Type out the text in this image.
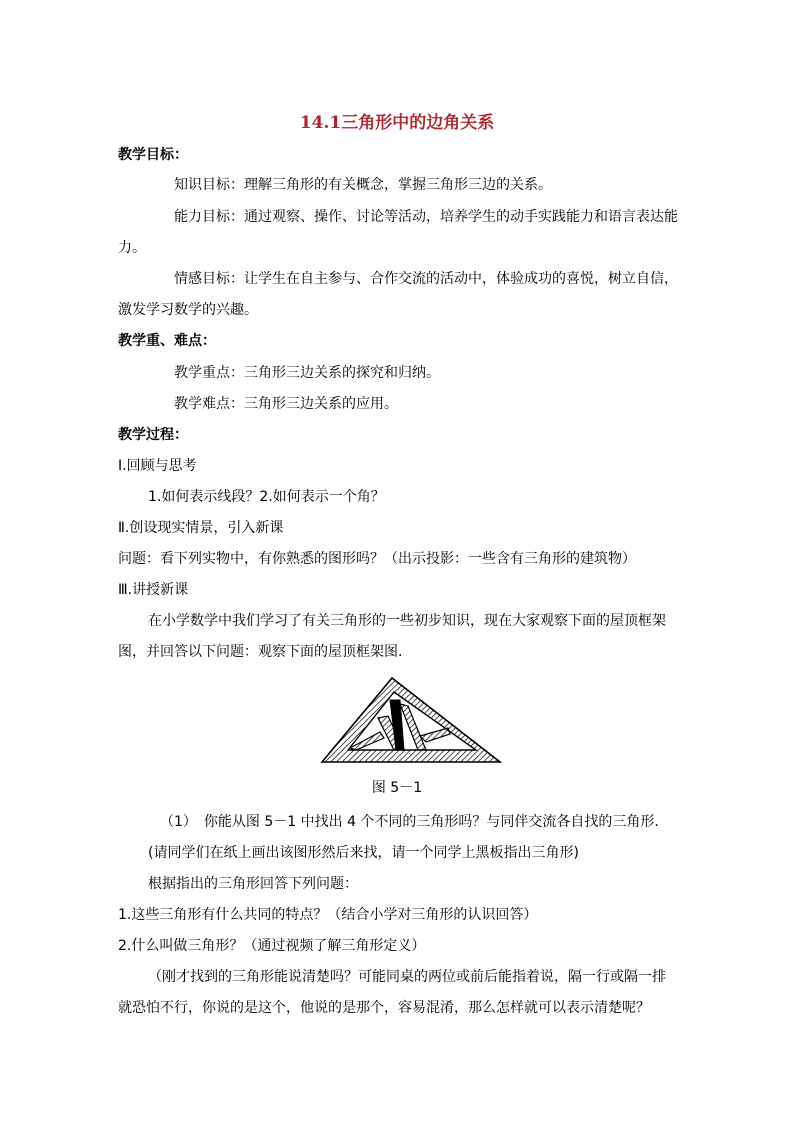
14.1三角形中的边角关系
教学目标：
知识目标：理解三角形的有关概念，掌握三角形三边的关系。
能力目标：通过观察、操作、讨论等活动，培养学生的动手实践能力和语言表达能
力。
情感目标：让学生在自主参与、合作交流的活动中，体验成功的喜悦，树立自信，
激发学习数学的兴趣。
教学重、难点：
教学重点：三角形三边关系的探究和归纳。
教学难点：三角形三边关系的应用。
教学过程：
Ⅰ.回顾与思考
1.如何表示线段？2.如何表示一个角？
Ⅱ.创设现实情景，引入新课
问题：看下列实物中，有你熟悉的图形吗？（出示投影：一些含有三角形的建筑物）
Ⅲ.讲授新课
在小学数学中我们学习了有关三角形的一些初步知识，现在大家观察下面的屋顶框架
图，并回答以下问题：观察下面的屋顶框架图.
图 5－1
（1）　你能从图 5－1 中找出 4 个不同的三角形吗？与同伴交流各自找的三角形.
(请同学们在纸上画出该图形然后来找，请一个同学上黑板指出三角形)
根据指出的三角形回答下列问题：
1.这些三角形有什么共同的特点？（结合小学对三角形的认识回答）
2.什么叫做三角形？（通过视频了解三角形定义）
（刚才找到的三角形能说清楚吗？可能同桌的两位或前后能指着说，隔一行或隔一排
就恐怕不行，你说的是这个，他说的是那个，容易混淆，那么怎样就可以表示清楚呢？
